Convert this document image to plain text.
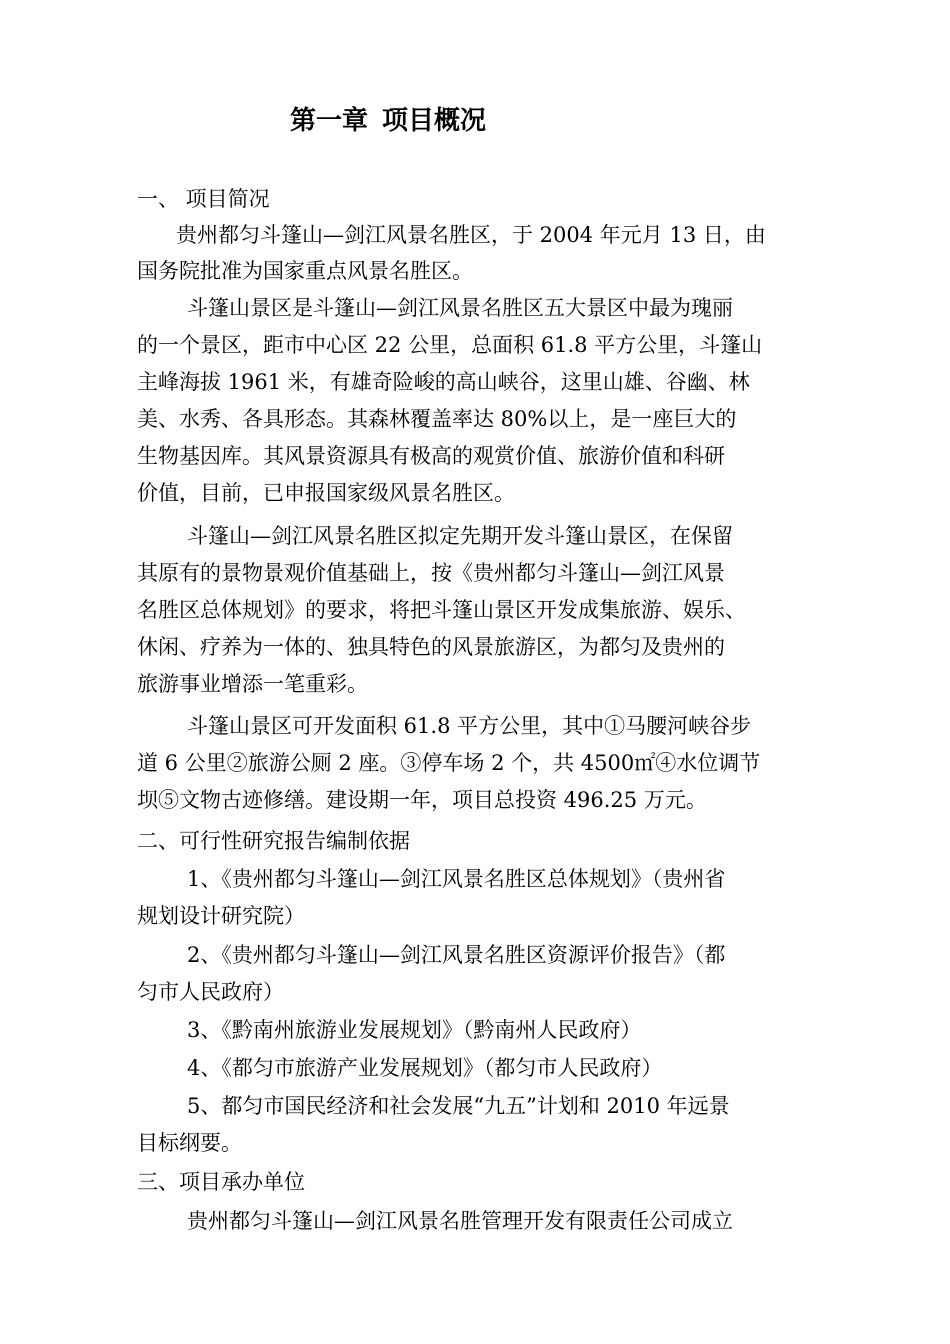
第一章 项目概况
一、 项目简况
贵州都匀斗篷山—剑江风景名胜区，于 2004 年元月 13 日，由
国务院批准为国家重点风景名胜区。
斗篷山景区是斗篷山—剑江风景名胜区五大景区中最为瑰丽
的一个景区，距市中心区 22 公里，总面积 61.8 平方公里，斗篷山
主峰海拔 1961 米，有雄奇险峻的高山峡谷，这里山雄、谷幽、林
美、水秀、各具形态。其森林覆盖率达 80%以上，是一座巨大的
生物基因库。其风景资源具有极高的观赏价值、旅游价值和科研
价值，目前，已申报国家级风景名胜区。
斗篷山—剑江风景名胜区拟定先期开发斗篷山景区，在保留
其原有的景物景观价值基础上，按《贵州都匀斗篷山—剑江风景
名胜区总体规划》的要求，将把斗篷山景区开发成集旅游、娱乐、
休闲、疗养为一体的、独具特色的风景旅游区，为都匀及贵州的
旅游事业增添一笔重彩。
斗篷山景区可开发面积 61.8 平方公里，其中①马腰河峡谷步
道 6 公里②旅游公厕 2 座。③停车场 2 个，共 4500㎡④水位调节
坝⑤文物古迹修缮。建设期一年，项目总投资 496.25 万元。
二、可行性研究报告编制依据
1、《贵州都匀斗篷山—剑江风景名胜区总体规划》（贵州省
规划设计研究院）
2、《贵州都匀斗篷山—剑江风景名胜区资源评价报告》（都
匀市人民政府）
3、《黔南州旅游业发展规划》（黔南州人民政府）
4、《都匀市旅游产业发展规划》（都匀市人民政府）
5、都匀市国民经济和社会发展“九五”计划和 2010 年远景
目标纲要。
三、项目承办单位
贵州都匀斗篷山—剑江风景名胜管理开发有限责任公司成立
